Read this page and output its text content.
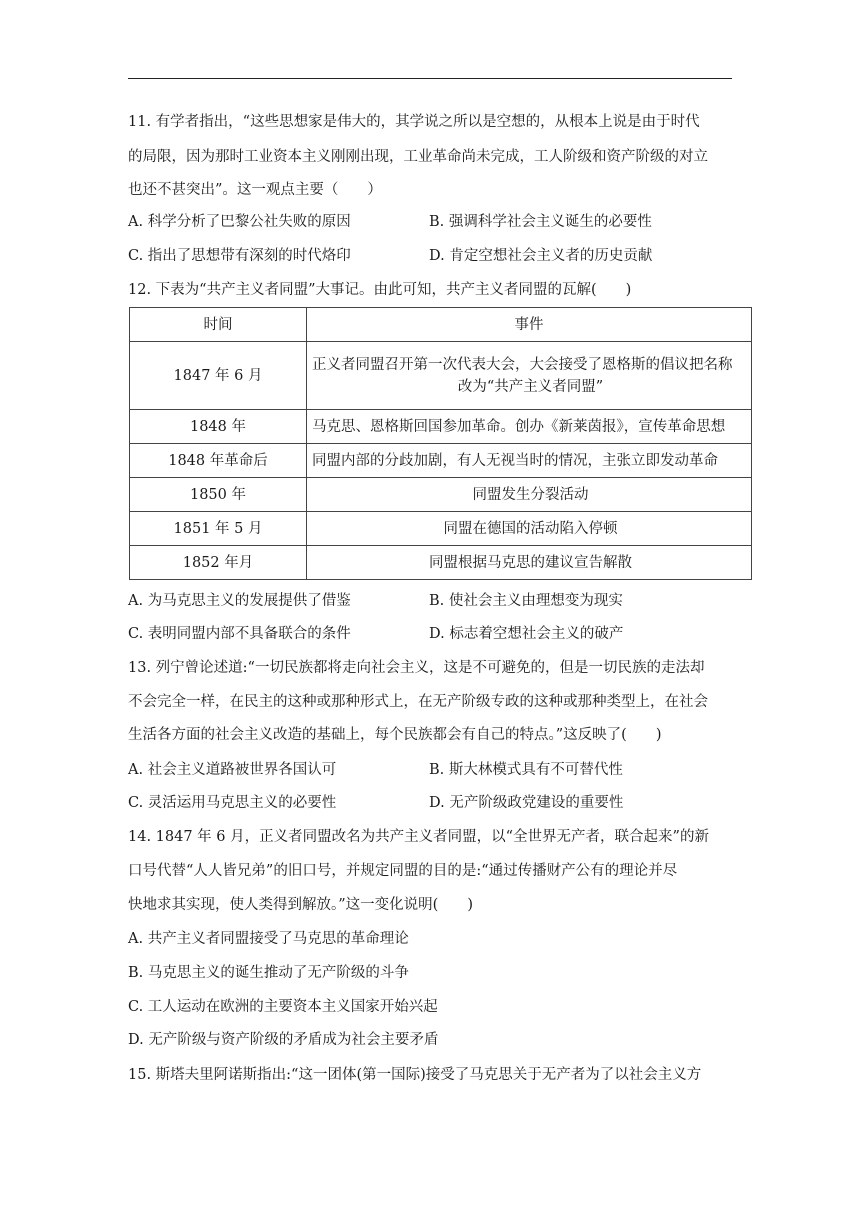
11. 有学者指出，“这些思想家是伟大的，其学说之所以是空想的，从根本上说是由于时代
的局限，因为那时工业资本主义刚刚出现，工业革命尚未完成，工人阶级和资产阶级的对立
也还不甚突出”。这一观点主要（　　）
A. 科学分析了巴黎公社失败的原因	B. 强调科学社会主义诞生的必要性
C. 指出了思想带有深刻的时代烙印	D. 肯定空想社会主义者的历史贡献
12. 下表为“共产主义者同盟”大事记。由此可知，共产主义者同盟的瓦解(　　)
时间	事件
1847 年 6 月	正义者同盟召开第一次代表大会，大会接受了恩格斯的倡议把名称
改为“共产主义者同盟”

1848 年	马克思、恩格斯回国参加革命。创办《新莱茵报》，宣传革命思想
1848 年革命后	同盟内部的分歧加剧，有人无视当时的情况，主张立即发动革命
1850 年	同盟发生分裂活动
1851 年 5 月	同盟在德国的活动陷入停顿
1852 年月	同盟根据马克思的建议宣告解散
A. 为马克思主义的发展提供了借鉴	B. 使社会主义由理想变为现实
C. 表明同盟内部不具备联合的条件	D. 标志着空想社会主义的破产
13. 列宁曾论述道:“一切民族都将走向社会主义，这是不可避免的，但是一切民族的走法却
不会完全一样，在民主的这种或那种形式上，在无产阶级专政的这种或那种类型上，在社会
生活各方面的社会主义改造的基础上，每个民族都会有自己的特点。”这反映了(　　)
A. 社会主义道路被世界各国认可	B. 斯大林模式具有不可替代性
C. 灵活运用马克思主义的必要性	D. 无产阶级政党建设的重要性
14. 1847 年 6 月，正义者同盟改名为共产主义者同盟，以“全世界无产者，联合起来”的新
口号代替“人人皆兄弟”的旧口号，并规定同盟的目的是:“通过传播财产公有的理论并尽
快地求其实现，使人类得到解放。”这一变化说明(　　)
A. 共产主义者同盟接受了马克思的革命理论
B. 马克思主义的诞生推动了无产阶级的斗争
C. 工人运动在欧洲的主要资本主义国家开始兴起
D. 无产阶级与资产阶级的矛盾成为社会主要矛盾
15. 斯塔夫里阿诺斯指出:“这一团体(第一国际)接受了马克思关于无产者为了以社会主义方
